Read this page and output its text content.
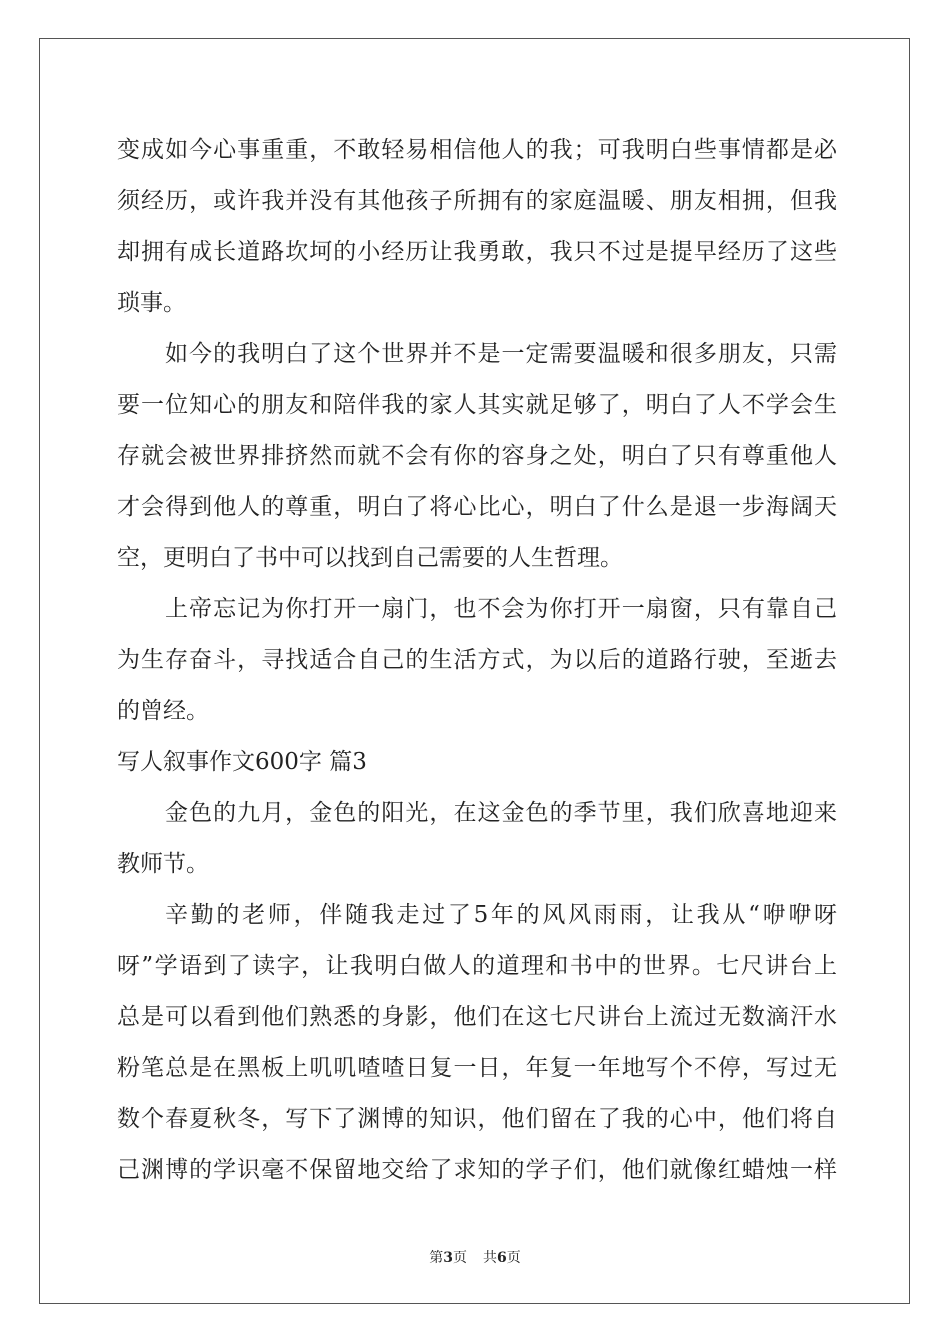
变成如今心事重重，不敢轻易相信他人的我；可我明白些事情都是必
须经历，或许我并没有其他孩子所拥有的家庭温暖、朋友相拥，但我
却拥有成长道路坎坷的小经历让我勇敢，我只不过是提早经历了这些
琐事。
如今的我明白了这个世界并不是一定需要温暖和很多朋友，只需
要一位知心的朋友和陪伴我的家人其实就足够了，明白了人不学会生
存就会被世界排挤然而就不会有你的容身之处，明白了只有尊重他人
才会得到他人的尊重，明白了将心比心，明白了什么是退一步海阔天
空，更明白了书中可以找到自己需要的人生哲理。
上帝忘记为你打开一扇门，也不会为你打开一扇窗，只有靠自己
为生存奋斗，寻找适合自己的生活方式，为以后的道路行驶，至逝去
的曾经。
写人叙事作文600字 篇3
金色的九月，金色的阳光，在这金色的季节里，我们欣喜地迎来
教师节。
辛勤的老师，伴随我走过了5年的风风雨雨，让我从“咿咿呀
呀”学语到了读字，让我明白做人的道理和书中的世界。七尺讲台上
总是可以看到他们熟悉的身影，他们在这七尺讲台上流过无数滴汗水
粉笔总是在黑板上叽叽喳喳日复一日，年复一年地写个不停，写过无
数个春夏秋冬，写下了渊博的知识，他们留在了我的心中，他们将自
己渊博的学识毫不保留地交给了求知的学子们，他们就像红蜡烛一样
第3页 共6页
